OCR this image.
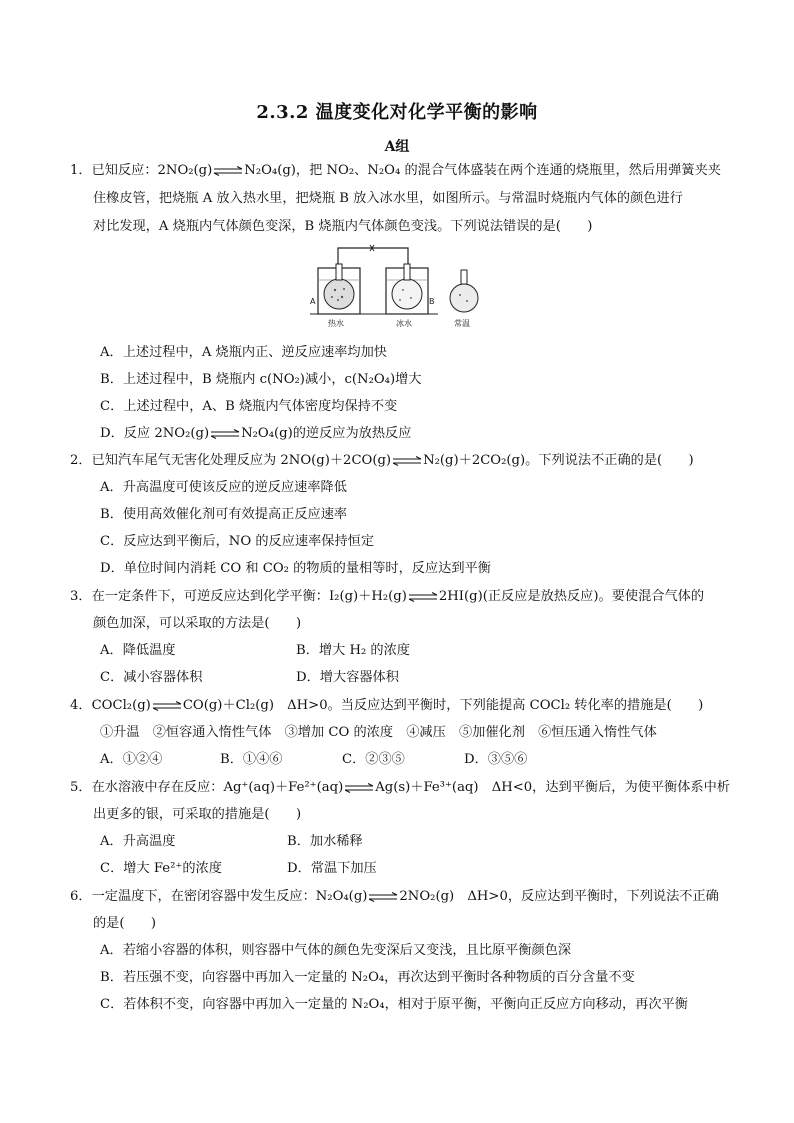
2.3.2 温度变化对化学平衡的影响
A组
1．已知反应：2NO₂(g)⇌N₂O₄(g)，把 NO₂、N₂O₄ 的混合气体盛装在两个连通的烧瓶里，然后用弹簧夹夹
住橡皮管，把烧瓶 A 放入热水里，把烧瓶 B 放入冰水里，如图所示。与常温时烧瓶内气体的颜色进行
对比发现，A 烧瓶内气体颜色变深，B 烧瓶内气体颜色变浅。下列说法错误的是(　　)
A
热水
B
冰水	常温
A．上述过程中，A 烧瓶内正、逆反应速率均加快
B．上述过程中，B 烧瓶内 c(NO₂)减小，c(N₂O₄)增大
C．上述过程中，A、B 烧瓶内气体密度均保持不变
D．反应 2NO₂(g)⇌N₂O₄(g)的逆反应为放热反应
2．已知汽车尾气无害化处理反应为 2NO(g)＋2CO(g)⇌N₂(g)＋2CO₂(g)。下列说法不正确的是(　　)
A．升高温度可使该反应的逆反应速率降低
B．使用高效催化剂可有效提高正反应速率
C．反应达到平衡后，NO 的反应速率保持恒定
D．单位时间内消耗 CO 和 CO₂ 的物质的量相等时，反应达到平衡
3．在一定条件下，可逆反应达到化学平衡：I₂(g)＋H₂(g)⇌2HI(g)(正反应是放热反应)。要使混合气体的
颜色加深，可以采取的方法是(　　)
A．降低温度	B．增大 H₂ 的浓度
C．减小容器体积	D．增大容器体积
4．COCl₂(g)⇌CO(g)＋Cl₂(g)　ΔH>0。当反应达到平衡时，下列能提高 COCl₂ 转化率的措施是(　　)
①升温　②恒容通入惰性气体　③增加 CO 的浓度　④减压　⑤加催化剂　⑥恒压通入惰性气体
A．①②④	B．①④⑥	C．②③⑤	D．③⑤⑥
5．在水溶液中存在反应：Ag⁺(aq)＋Fe²⁺(aq)⇌Ag(s)＋Fe³⁺(aq)　ΔH<0，达到平衡后，为使平衡体系中析
出更多的银，可采取的措施是(　　)
A．升高温度	B．加水稀释
C．增大 Fe²⁺的浓度	D．常温下加压
6．一定温度下，在密闭容器中发生反应：N₂O₄(g)⇌2NO₂(g)　ΔH>0，反应达到平衡时，下列说法不正确
的是(　　)
A．若缩小容器的体积，则容器中气体的颜色先变深后又变浅，且比原平衡颜色深
B．若压强不变，向容器中再加入一定量的 N₂O₄，再次达到平衡时各种物质的百分含量不变
C．若体积不变，向容器中再加入一定量的 N₂O₄，相对于原平衡，平衡向正反应方向移动，再次平衡
